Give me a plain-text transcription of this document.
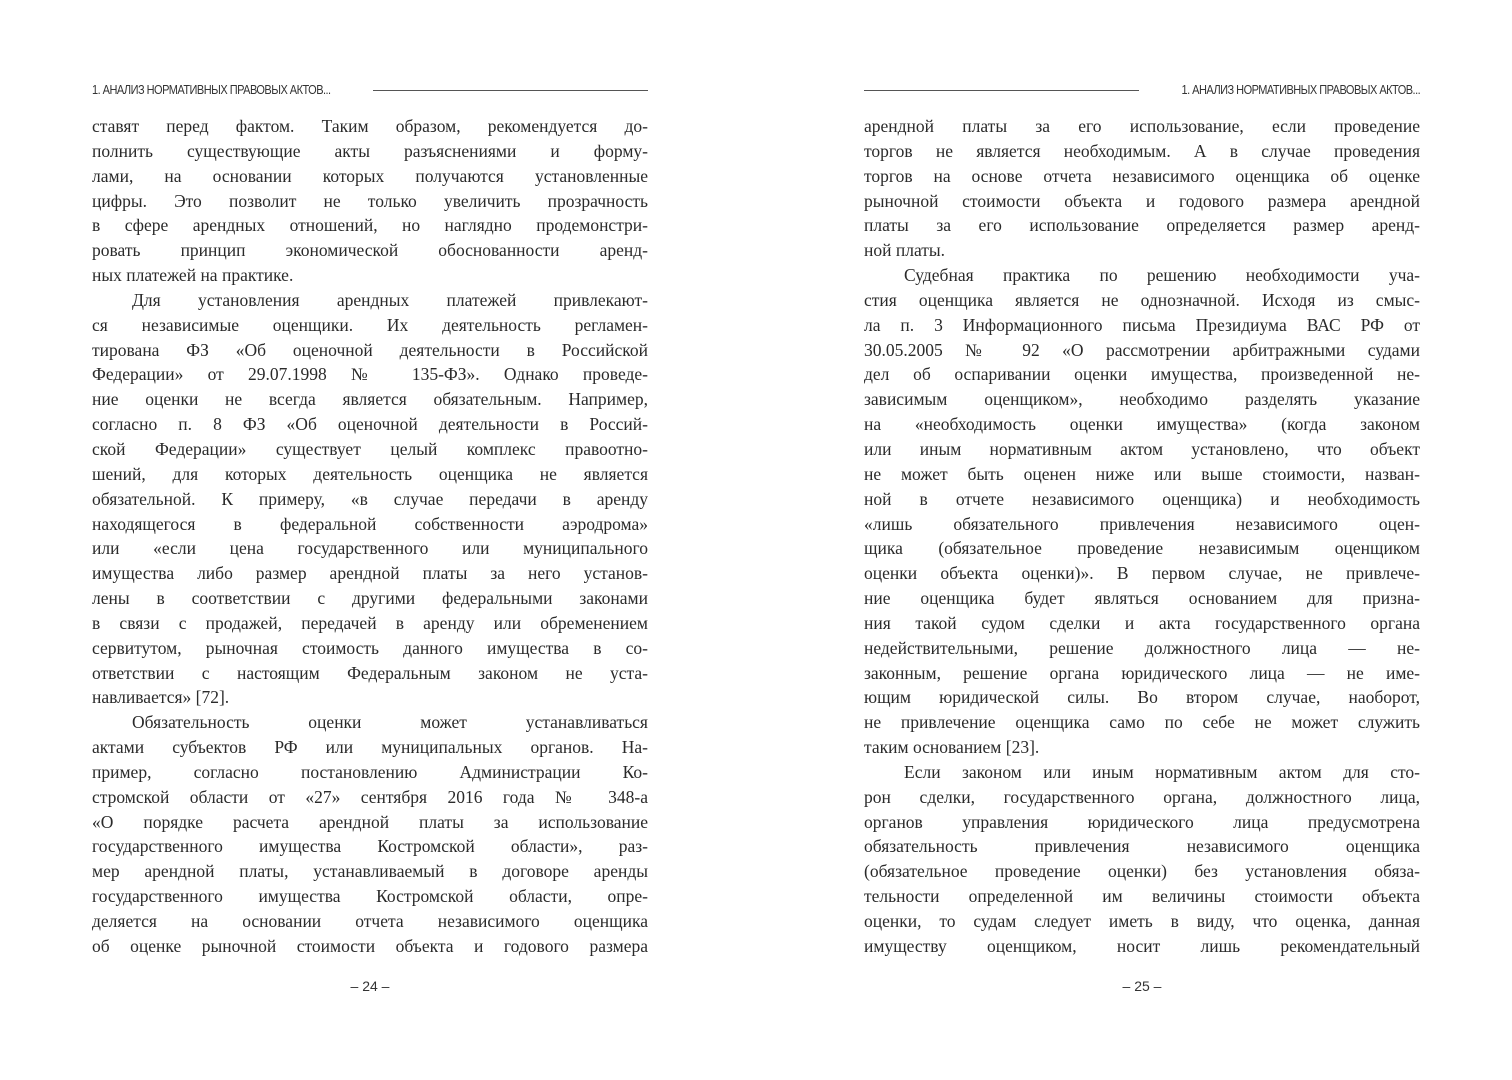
1. АНАЛИЗ НОРМАТИВНЫХ ПРАВОВЫХ АКТОВ...
ставят перед фактом. Таким образом, рекомендуется до-
полнить существующие акты разъяснениями и форму-
лами, на основании которых получаются установленные
цифры. Это позволит не только увеличить прозрачность
в сфере арендных отношений, но наглядно продемонстри-
ровать принцип экономической обоснованности аренд-
ных платежей на практике.
Для установления арендных платежей привлекают-
ся независимые оценщики. Их деятельность регламен-
тирована ФЗ «Об оценочной деятельности в Российской
Федерации» от 29.07.1998 № 135-ФЗ». Однако проведе-
ние оценки не всегда является обязательным. Например,
согласно п. 8 ФЗ «Об оценочной деятельности в Россий-
ской Федерации» существует целый комплекс правоотно-
шений, для которых деятельность оценщика не является
обязательной. К примеру, «в случае передачи в аренду
находящегося в федеральной собственности аэродрома»
или «если цена государственного или муниципального
имущества либо размер арендной платы за него установ-
лены в соответствии с другими федеральными законами
в связи с продажей, передачей в аренду или обременением
сервитутом, рыночная стоимость данного имущества в со-
ответствии с настоящим Федеральным законом не уста-
навливается» [72].
Обязательность оценки может устанавливаться
актами субъектов РФ или муниципальных органов. На-
пример, согласно постановлению Администрации Ко-
стромской области от «27» сентября 2016 года № 348-а
«О порядке расчета арендной платы за использование
государственного имущества Костромской области», раз-
мер арендной платы, устанавливаемый в договоре аренды
государственного имущества Костромской области, опре-
деляется на основании отчета независимого оценщика
об оценке рыночной стоимости объекта и годового размера
– 24 –
1. АНАЛИЗ НОРМАТИВНЫХ ПРАВОВЫХ АКТОВ...
арендной платы за его использование, если проведение
торгов не является необходимым. А в случае проведения
торгов на основе отчета независимого оценщика об оценке
рыночной стоимости объекта и годового размера арендной
платы за его использование определяется размер аренд-
ной платы.
Судебная практика по решению необходимости уча-
стия оценщика является не однозначной. Исходя из смыс-
ла п. 3 Информационного письма Президиума ВАС РФ от
30.05.2005 № 92 «О рассмотрении арбитражными судами
дел об оспаривании оценки имущества, произведенной не-
зависимым оценщиком», необходимо разделять указание
на «необходимость оценки имущества» (когда законом
или иным нормативным актом установлено, что объект
не может быть оценен ниже или выше стоимости, назван-
ной в отчете независимого оценщика) и необходимость
«лишь обязательного привлечения независимого оцен-
щика (обязательное проведение независимым оценщиком
оценки объекта оценки)». В первом случае, не привлече-
ние оценщика будет являться основанием для призна-
ния такой судом сделки и акта государственного органа
недействительными, решение должностного лица — не-
законным, решение органа юридического лица — не име-
ющим юридической силы. Во втором случае, наоборот,
не привлечение оценщика само по себе не может служить
таким основанием [23].
Если законом или иным нормативным актом для сто-
рон сделки, государственного органа, должностного лица,
органов управления юридического лица предусмотрена
обязательность привлечения независимого оценщика
(обязательное проведение оценки) без установления обяза-
тельности определенной им величины стоимости объекта
оценки, то судам следует иметь в виду, что оценка, данная
имуществу оценщиком, носит лишь рекомендательный
– 25 –
